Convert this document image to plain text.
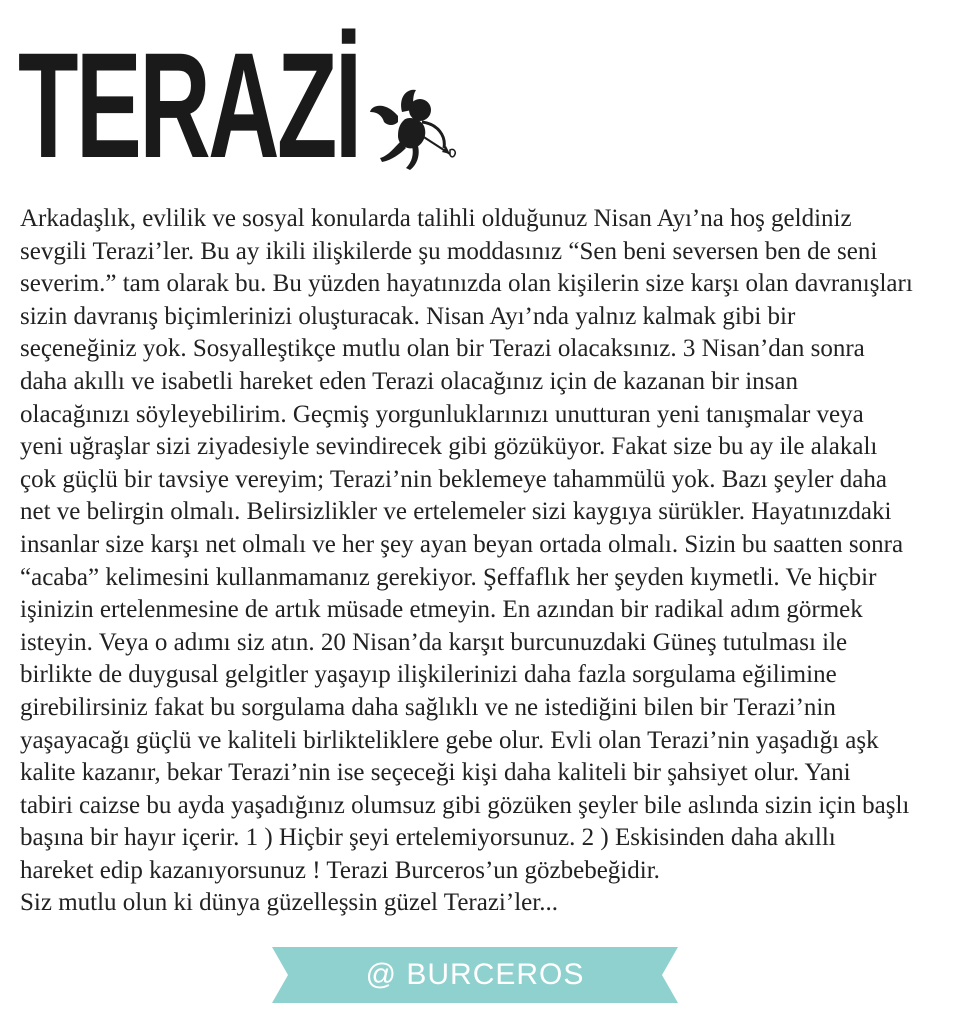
TERAZİ
Arkadaşlık, evlilik ve sosyal konularda talihli olduğunuz Nisan Ayı’na hoş geldiniz
sevgili Terazi’ler. Bu ay ikili ilişkilerde şu moddasınız “Sen beni seversen ben de seni
severim.” tam olarak bu. Bu yüzden hayatınızda olan kişilerin size karşı olan davranışları
sizin davranış biçimlerinizi oluşturacak. Nisan Ayı’nda yalnız kalmak gibi bir
seçeneğiniz yok. Sosyalleştikçe mutlu olan bir Terazi olacaksınız. 3 Nisan’dan sonra
daha akıllı ve isabetli hareket eden Terazi olacağınız için de kazanan bir insan
olacağınızı söyleyebilirim. Geçmiş yorgunluklarınızı unutturan yeni tanışmalar veya
yeni uğraşlar sizi ziyadesiyle sevindirecek gibi gözüküyor. Fakat size bu ay ile alakalı
çok güçlü bir tavsiye vereyim; Terazi’nin beklemeye tahammülü yok. Bazı şeyler daha
net ve belirgin olmalı. Belirsizlikler ve ertelemeler sizi kaygıya sürükler. Hayatınızdaki
insanlar size karşı net olmalı ve her şey ayan beyan ortada olmalı. Sizin bu saatten sonra
“acaba” kelimesini kullanmamanız gerekiyor. Şeffaflık her şeyden kıymetli. Ve hiçbir
işinizin ertelenmesine de artık müsade etmeyin. En azından bir radikal adım görmek
isteyin. Veya o adımı siz atın. 20 Nisan’da karşıt burcunuzdaki Güneş tutulması ile
birlikte de duygusal gelgitler yaşayıp ilişkilerinizi daha fazla sorgulama eğilimine
girebilirsiniz fakat bu sorgulama daha sağlıklı ve ne istediğini bilen bir Terazi’nin
yaşayacağı güçlü ve kaliteli birlikteliklere gebe olur. Evli olan Terazi’nin yaşadığı aşk
kalite kazanır, bekar Terazi’nin ise seçeceği kişi daha kaliteli bir şahsiyet olur. Yani
tabiri caizse bu ayda yaşadığınız olumsuz gibi gözüken şeyler bile aslında sizin için başlı
başına bir hayır içerir. 1 ) Hiçbir şeyi ertelemiyorsunuz. 2 ) Eskisinden daha akıllı
hareket edip kazanıyorsunuz ! Terazi Burceros’un gözbebeğidir.
Siz mutlu olun ki dünya güzelleşsin güzel Terazi’ler...
@ BURCEROS
